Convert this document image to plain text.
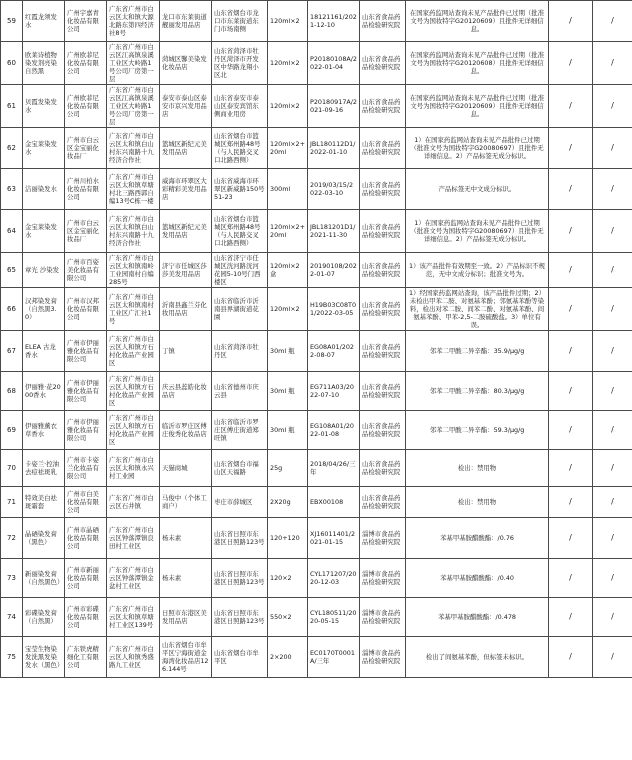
59	红霞龙须发水	广州宇嘉青化妆品有限公司	广东省广州市白云区太和镇大源北路东第四经济社8号	龙口市东莱街道靓丽发用品店	山东省烟台市龙口市东莱街道东门市场南侧	120ml×2	18121161/2021-12-10	山东省食品药品检验研究院	在国家药监网站查询未见产品批件已过期（批准文号为国妆特字G20120609）且批件无详细信息。	/	/
60	欧莱诗植物染发剂亮染自然黑	广州欧菲尼化妆品有限公司	广东省广州市白云区江高镇泉溪工业区大岭路1号公司厂房第一层	菏城区馨美染发化妆品店	山东省菏泽市牡丹区菏泽市开发区中华路龙翔小区北	120ml×2	P20180108A/2022-01-04	山东省食品药品检验研究院	在国家药监网站查询未见产品批件已过期（批准文号为国妆特字G20120608）且批件无详细信息。	/	/
61	贝霞发染发水	广州欧菲尼化妆品有限公司	广东省广州市白云区江高镇泉溪工业区大岭路1号公司厂房第一层	泰安市泰山区泰安市京兴发用品店	山东省泰安市泰山区泰安宾馆东侧商业用房	120ml×2	P20180917A/2021-09-16	山东省食品药品检验研究院	在国家药监网站查询未见产品批件已过期（批准文号为国妆特字G20120609）且批件无详细信息。	/	/
62	金宝莱染发水	广州市白云区金宝丽化妆品厂	广东省广州市白云区太和镇白山村东兴南路十九经济合作社	篮城区新纪元美发用品店	山东省烟台市篮城区郑州路48号（与人民路交叉口北路西侧）	120ml×2+20ml	JBL180112D1/2022-01-10	山东省食品药品检验研究院	1）在国家药监网站查询未见产品批件已过期（批准文号为国妆特字G20080697）且批件无详细信息。2）产品标签无成分标识。	/	/
63	洁丽染发水	广州川柏水化妆品有限公司	广东省广州市白云区太和镇草塘村北三路西郭自编13号C栋一楼	威海市环翠区大彩精彩美发用品店	山东省威海市环翠区新威路150号51-23	300ml	2019/03/15/2022-03-10	山东省食品药品检验研究院	产品标签无中文成分标识。	/	/
64	金宝莱染发水	广州市白云区金宝丽化妆品厂	广东省广州市白云区太和镇白山村东兴南路十九经济合作社	篮城区新纪元美发用品店	山东省烟台市篮城区郑州路48号（与人民路交叉口北路西侧）	120ml×2+20ml	JBL181201D1/2021-11-30	山东省食品药品检验研究院	1）在国家药监网站查询未见产品批件已过期（批准文号为国妆特字G20080697）且批件无详细信息。2）产品标签无成分标识。	/	/
65	章光 沙染发	广州市百姿美化妆品有限公司	广东省广州市白云区太和镇南岭工业园南村自编285号	济宁市任城区莎莎美发用品店	山东省济宁市任城区洸河路洸河花园5-10号门西楼区	120ml×2盒	20190108/2022-01-07	山东省食品药品检验研究院	1）该产品批件有效期至一致。2）产品标识不规范，无中文成分标识；批准文号为。	/	/
66	汉邦染发膏（自然黑3.0）	广州市汉邦化妆品有限公司	广东省广州市白云区太和镇南村工业区广汇社1号	沂南县鑫兰芬化妆用品店	山东省临沂市沂南县界湖街道花園	120ml×2	H19B03C08T01/2022-03-05	山东省食品药品检验研究院	1）经国家药监网站查询，该产品批件过期；2）未检出甲苯二胺、对氨基苯酚；邻氨基苯酚等染料，检出对苯二胺、间苯二酚、对氨基苯酚、间氨基苯酚、甲苯-2,5-二胺硫酸盐。3）单位有误。	/	/
67	ELEA 古龙香水	广州市伊丽雅化妆品有限公司	广东省广州市白云区人和镇方石村化妆品产业园区	丁镇	山东省菏泽市牡丹区	30ml 瓶	EG08A01/2022-08-07	山东省食品药品检验研究院	邻苯二甲酸二异辛酯：35.9/μg/g	/	/
68	伊丽雅·花2000香水	广州市伊丽雅化妆品有限公司	广东省广州市白云区人和镇方石村化妆品产业园区	庆云县蕊皓化妆品店	山东省德州市庆云县	30ml 瓶	EG711A03/2022-07-10	山东省食品药品检验研究院	邻苯二甲酸二异辛酯：80.3/μg/g	/	/
69	伊丽雅薰衣草香水	广州市伊丽雅化妆品有限公司	广东省广州市白云区人和镇方石村化妆品产业园区	临沂市罗庄区傅庄俊秀化妆品店	山东省临沂市罗庄区傅庄街道郑旺镇	30ml 瓶	EG108A01/2022-01-08	山东省食品药品检验研究院	邻苯二甲酸二异辛酯：59.3/μg/g	/	/
70	卡姿兰·控油去痘祛斑乳	广州市卡姿兰化妆品有限公司	广东省广州市白云区太和镇永兴村工业园	天猫商城	山东省烟台市福山区天福路	25g	2018/04/26/三年	山东省食品药品检验研究院	检出：禁用物	/	/
71	特效美白祛斑霜套	广州市白美化妆品有限公司	广东省广州市白云区石井镇	马俊中（个体工商户）	枣庄市薛城区	2X20g	EBX00108	山东省食品药品检验研究院	检出：禁用物	/	/
72	晶硒染发膏（黑色）	广州市晶硒化妆品有限公司	广东省广州市白云区钟落潭镇良田村工业区	杨未素	山东省日照市东港区日照路123号	120+120	XJ16011401/2021-01-15	淄博市食品药品检验研究院	苯基甲基胺醋酸酯：/0.76	/	/
73	新丽染发膏（自然黑色）	广州市新丽化妆品有限公司	广东省广州市白云区钟落潭镇金盆村工业区	杨未素	山东省日照市东港区日照路123号	120×2	CYL171207/2020-12-03	淄博市食品药品检验研究院	苯基甲基胺醋酸酯：/0.40	/	/
74	彩碟染发膏（自然黑）	广州市彩碟化妆品有限公司	广东省广州市白云区太和镇草塘村工业区139号	日照市东港区美发用品店	山东省日照市东港区日照路123号	550×2	CYL180511/2020-05-15	淄博市食品药品检验研究院	苯基甲基胺醋酸酯：/0.478	/	/
75	宝莹生物染发洗黑发染发水（黑色）	广东铁虎精细化工有限公司	广东省广州市白云区人和镇秀盛路九工业区	山东省烟台市牟平区宁海街道金海湾化妆品店126.144号	山东省烟台市牟平区	2×200	EC0170T0001A/三年	淄博市食品药品检验研究院	检出了间氨基苯酚，但标签未标识。	/	/
